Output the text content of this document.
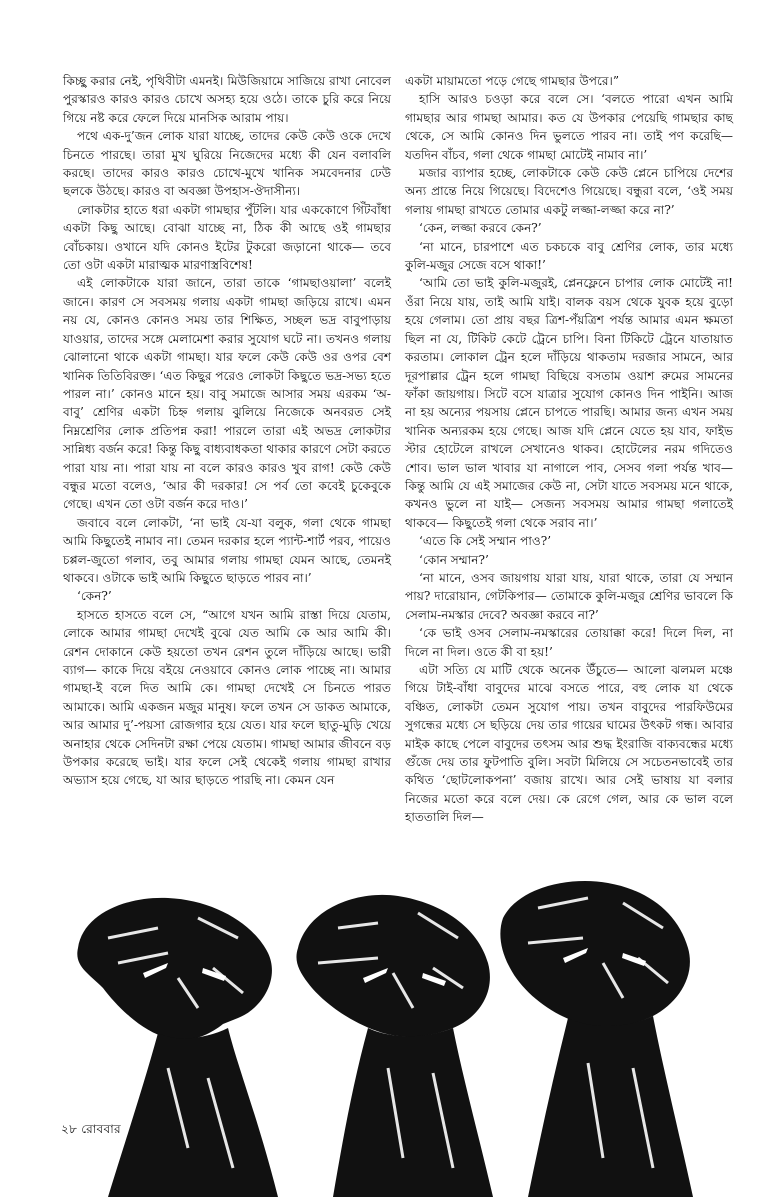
কিচ্ছু করার নেই, পৃথিবীটা এমনই। মিউজিয়ামে সাজিয়ে রাখা নোবেল পুরস্কারও কারও কারও চোখে অসহ্য হয়ে ওঠে। তাকে চুরি করে নিয়ে গিয়ে নষ্ট করে ফেলে দিয়ে মানসিক আরাম পায়।

পথে এক-দু’জন লোক যারা যাচ্ছে, তাদের কেউ কেউ ওকে দেখে চিনতে পারছে। তারা মুখ ঘুরিয়ে নিজেদের মধ্যে কী যেন বলাবলি করছে। তাদের কারও কারও চোখে-মুখে খানিক সমবেদনার ঢেউ ছলকে উঠছে। কারও বা অবজ্ঞা উপহাস-ঔদাসীন্য।

লোকটার হাতে ধরা একটা গামছার পুঁটলি। যার এককোণে গিঁটবাঁধা একটা কিছু আছে। বোঝা যাচ্ছে না, ঠিক কী আছে ওই গামছার বোঁচকায়। ওখানে যদি কোনও ইটের টুকরো জড়ানো থাকে— তবে তো ওটা একটা মারাত্মক মারণাস্ত্রবিশেষ!

এই লোকটাকে যারা জানে, তারা তাকে ‘গামছাওয়ালা’ বলেই জানে। কারণ সে সবসময় গলায় একটা গামছা জড়িয়ে রাখে। এমন নয় যে, কোনও কোনও সময় তার শিক্ষিত, সচ্ছল ভদ্র বাবুপাড়ায় যাওয়ার, তাদের সঙ্গে মেলামেশা করার সুযোগ ঘটে না। তখনও গলায় ঝোলানো থাকে একটা গামছা। যার ফলে কেউ কেউ ওর ওপর বেশ খানিক তিতিবিরক্ত। ‘এত কিছুর পরেও লোকটা কিছুতে ভদ্র-সভ্য হতে পারল না।’ কোনও মানে হয়। বাবু সমাজে আসার সময় এরকম ‘অ-বাবু’ শ্রেণির একটা চিহ্ন গলায় ঝুলিয়ে নিজেকে অনবরত সেই নিম্নশ্রেণির লোক প্রতিপন্ন করা! পারলে তারা এই অভদ্র লোকটার সান্নিধ্য বর্জন করে! কিন্তু কিছু বাধ্যবাধকতা থাকার কারণে সেটা করতে পারা যায় না। পারা যায় না বলে কারও কারও খুব রাগ! কেউ কেউ বন্ধুর মতো বলেও, ‘আর কী দরকার! সে পর্ব তো কবেই চুকেবুকে গেছে। এখন তো ওটা বর্জন করে দাও।’

জবাবে বলে লোকটা, ‘না ভাই যে-যা বলুক, গলা থেকে গামছা আমি কিছুতেই নামাব না। তেমন দরকার হলে প্যান্ট-শার্ট পরব, পায়েও চপ্পল-জুতো গলাব, তবু আমার গলায় গামছা যেমন আছে, তেমনই থাকবে। ওটাকে ভাই আমি কিছুতে ছাড়তে পারব না।’

‘কেন?’

হাসতে হাসতে বলে সে, “আগে যখন আমি রাস্তা দিয়ে যেতাম, লোকে আমার গামছা দেখেই বুঝে যেত আমি কে আর আমি কী। রেশন দোকানে কেউ হয়তো তখন রেশন তুলে দাঁড়িয়ে আছে। ভারী ব্যাগ— কাকে দিয়ে বইয়ে নেওয়াবে কোনও লোক পাচ্ছে না। আমার গামছা-ই বলে দিত আমি কে। গামছা দেখেই সে চিনতে পারত আমাকে। আমি একজন মজুর মানুষ। ফলে তখন সে ডাকত আমাকে, আর আমার দু’-পয়সা রোজগার হয়ে যেত। যার ফলে ছাতু-মুড়ি খেয়ে অনাহার থেকে সেদিনটা রক্ষা পেয়ে যেতাম। গামছা আমার জীবনে বড় উপকার করেছে ভাই। যার ফলে সেই থেকেই গলায় গামছা রাখার অভ্যাস হয়ে গেছে, যা আর ছাড়তে পারছি না। কেমন যেন

একটা মায়ামতো পড়ে গেছে গামছার উপরে।”

হাসি আরও চওড়া করে বলে সে। ‘বলতে পারো এখন আমি গামছার আর গামছা আমার। কত যে উপকার পেয়েছি গামছার কাছ থেকে, সে আমি কোনও দিন ভুলতে পারব না। তাই পণ করেছি— যতদিন বাঁচব, গলা থেকে গামছা মোটেই নামাব না।’

মজার ব্যাপার হচ্ছে, লোকটাকে কেউ কেউ প্লেনে চাপিয়ে দেশের অন্য প্রান্তে নিয়ে গিয়েছে। বিদেশেও গিয়েছে। বন্ধুরা বলে, ‘ওই সময় গলায় গামছা রাখতে তোমার একটু লজ্জা-লজ্জা করে না?’

‘কেন, লজ্জা করবে কেন?’

‘না মানে, চারপাশে এত চকচকে বাবু শ্রেণির লোক, তার মধ্যে কুলি-মজুর সেজে বসে থাকা!’

‘আমি তো ভাই কুলি-মজুরই, প্লেনফ্লেনে চাপার লোক মোটেই না! ওঁরা নিয়ে যায়, তাই আমি যাই। বালক বয়স থেকে যুবক হয়ে বুড়ো হয়ে গেলাম। তো প্রায় বছর ত্রিশ-পঁয়ত্রিশ পর্যন্ত আমার এমন ক্ষমতা ছিল না যে, টিকিট কেটে ট্রেনে চাপি। বিনা টিকিটে ট্রেনে যাতায়াত করতাম। লোকাল ট্রেন হলে দাঁড়িয়ে থাকতাম দরজার সামনে, আর দূরপাল্লার ট্রেন হলে গামছা বিছিয়ে বসতাম ওয়াশ রুমের সামনের ফাঁকা জায়গায়। সিটে বসে যাত্রার সুযোগ কোনও দিন পাইনি। আজ না হয় অন্যের পয়সায় প্লেনে চাপতে পারছি। আমার জন্য এখন সময় খানিক অন্যরকম হয়ে গেছে। আজ যদি প্লেনে যেতে হয় যাব, ফাইভ স্টার হোটেলে রাখলে সেখানেও থাকব। হোটেলের নরম গদিতেও শোব। ভাল ভাল খাবার যা নাগালে পাব, সেসব গলা পর্যন্ত খাব— কিন্তু আমি যে এই সমাজের কেউ না, সেটা যাতে সবসময় মনে থাকে, কখনও ভুলে না যাই— সেজন্য সবসময় আমার গামছা গলাতেই থাকবে— কিছুতেই গলা থেকে সরাব না।’

‘এতে কি সেই সম্মান পাও?’

‘কোন সম্মান?’

‘না মানে, ওসব জায়গায় যারা যায়, যারা থাকে, তারা যে সম্মান পায়? দারোয়ান, গেটকিপার— তোমাকে কুলি-মজুর শ্রেণির ভাবলে কি সেলাম-নমস্কার দেবে? অবজ্ঞা করবে না?’

‘কে ভাই ওসব সেলাম-নমস্কারের তোয়াক্কা করে! দিলে দিল, না দিলে না দিল। ওতে কী বা হয়!’

এটা সত্যি যে মাটি থেকে অনেক উঁচুতে— আলো ঝলমল মঞ্চে গিয়ে টাই-বাঁধা বাবুদের মাঝে বসতে পারে, বহু লোক যা থেকে বঞ্চিত, লোকটা তেমন সুযোগ পায়। তখন বাবুদের পারফিউমের সুগন্ধের মধ্যে সে ছড়িয়ে দেয় তার গায়ের ঘামের উৎকট গন্ধ। আবার মাইক কাছে পেলে বাবুদের তৎসম আর শুদ্ধ ইংরাজি বাক্যবন্ধের মধ্যে গুঁজে দেয় তার ফুটপাতি বুলি। সবটা মিলিয়ে সে সচেতনভাবেই তার কথিত ‘ছোটলোকপনা’ বজায় রাখে। আর সেই ভাষায় যা বলার নিজের মতো করে বলে দেয়। কে রেগে গেল, আর কে ভাল বলে হাততালি দিল—

২৮ রোববার
